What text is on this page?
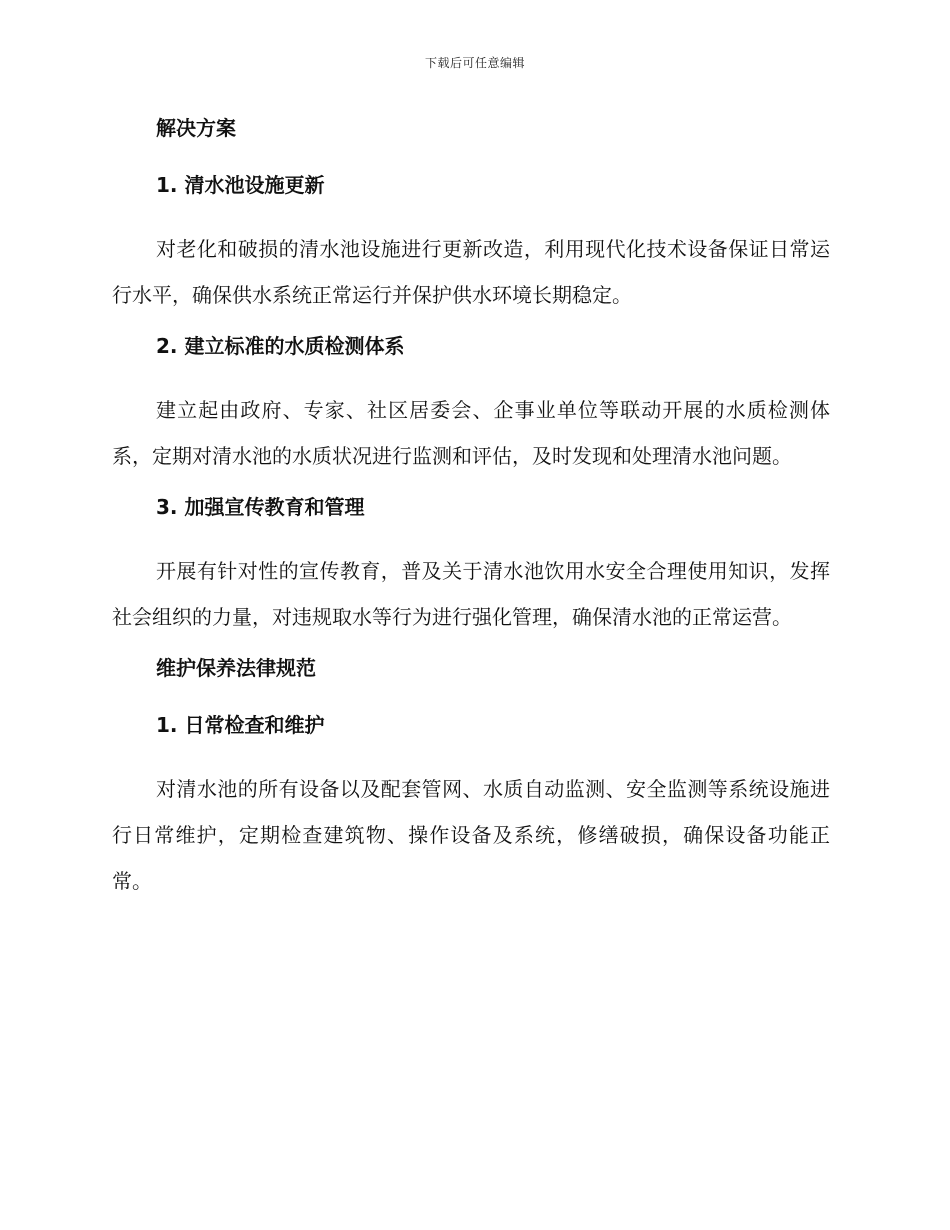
下载后可任意编辑
解决方案
1. 清水池设施更新

对老化和破损的清水池设施进行更新改造，利用现代化技术设备保证日常运行水平，确保供水系统正常运行并保护供水环境长期稳定。

2. 建立标准的水质检测体系

建立起由政府、专家、社区居委会、企事业单位等联动开展的水质检测体系，定期对清水池的水质状况进行监测和评估，及时发现和处理清水池问题。

3. 加强宣传教育和管理

开展有针对性的宣传教育，普及关于清水池饮用水安全合理使用知识，发挥社会组织的力量，对违规取水等行为进行强化管理，确保清水池的正常运营。

维护保养法律规范
1. 日常检查和维护

对清水池的所有设备以及配套管网、水质自动监测、安全监测等系统设施进行日常维护，定期检查建筑物、操作设备及系统，修缮破损，确保设备功能正常。
